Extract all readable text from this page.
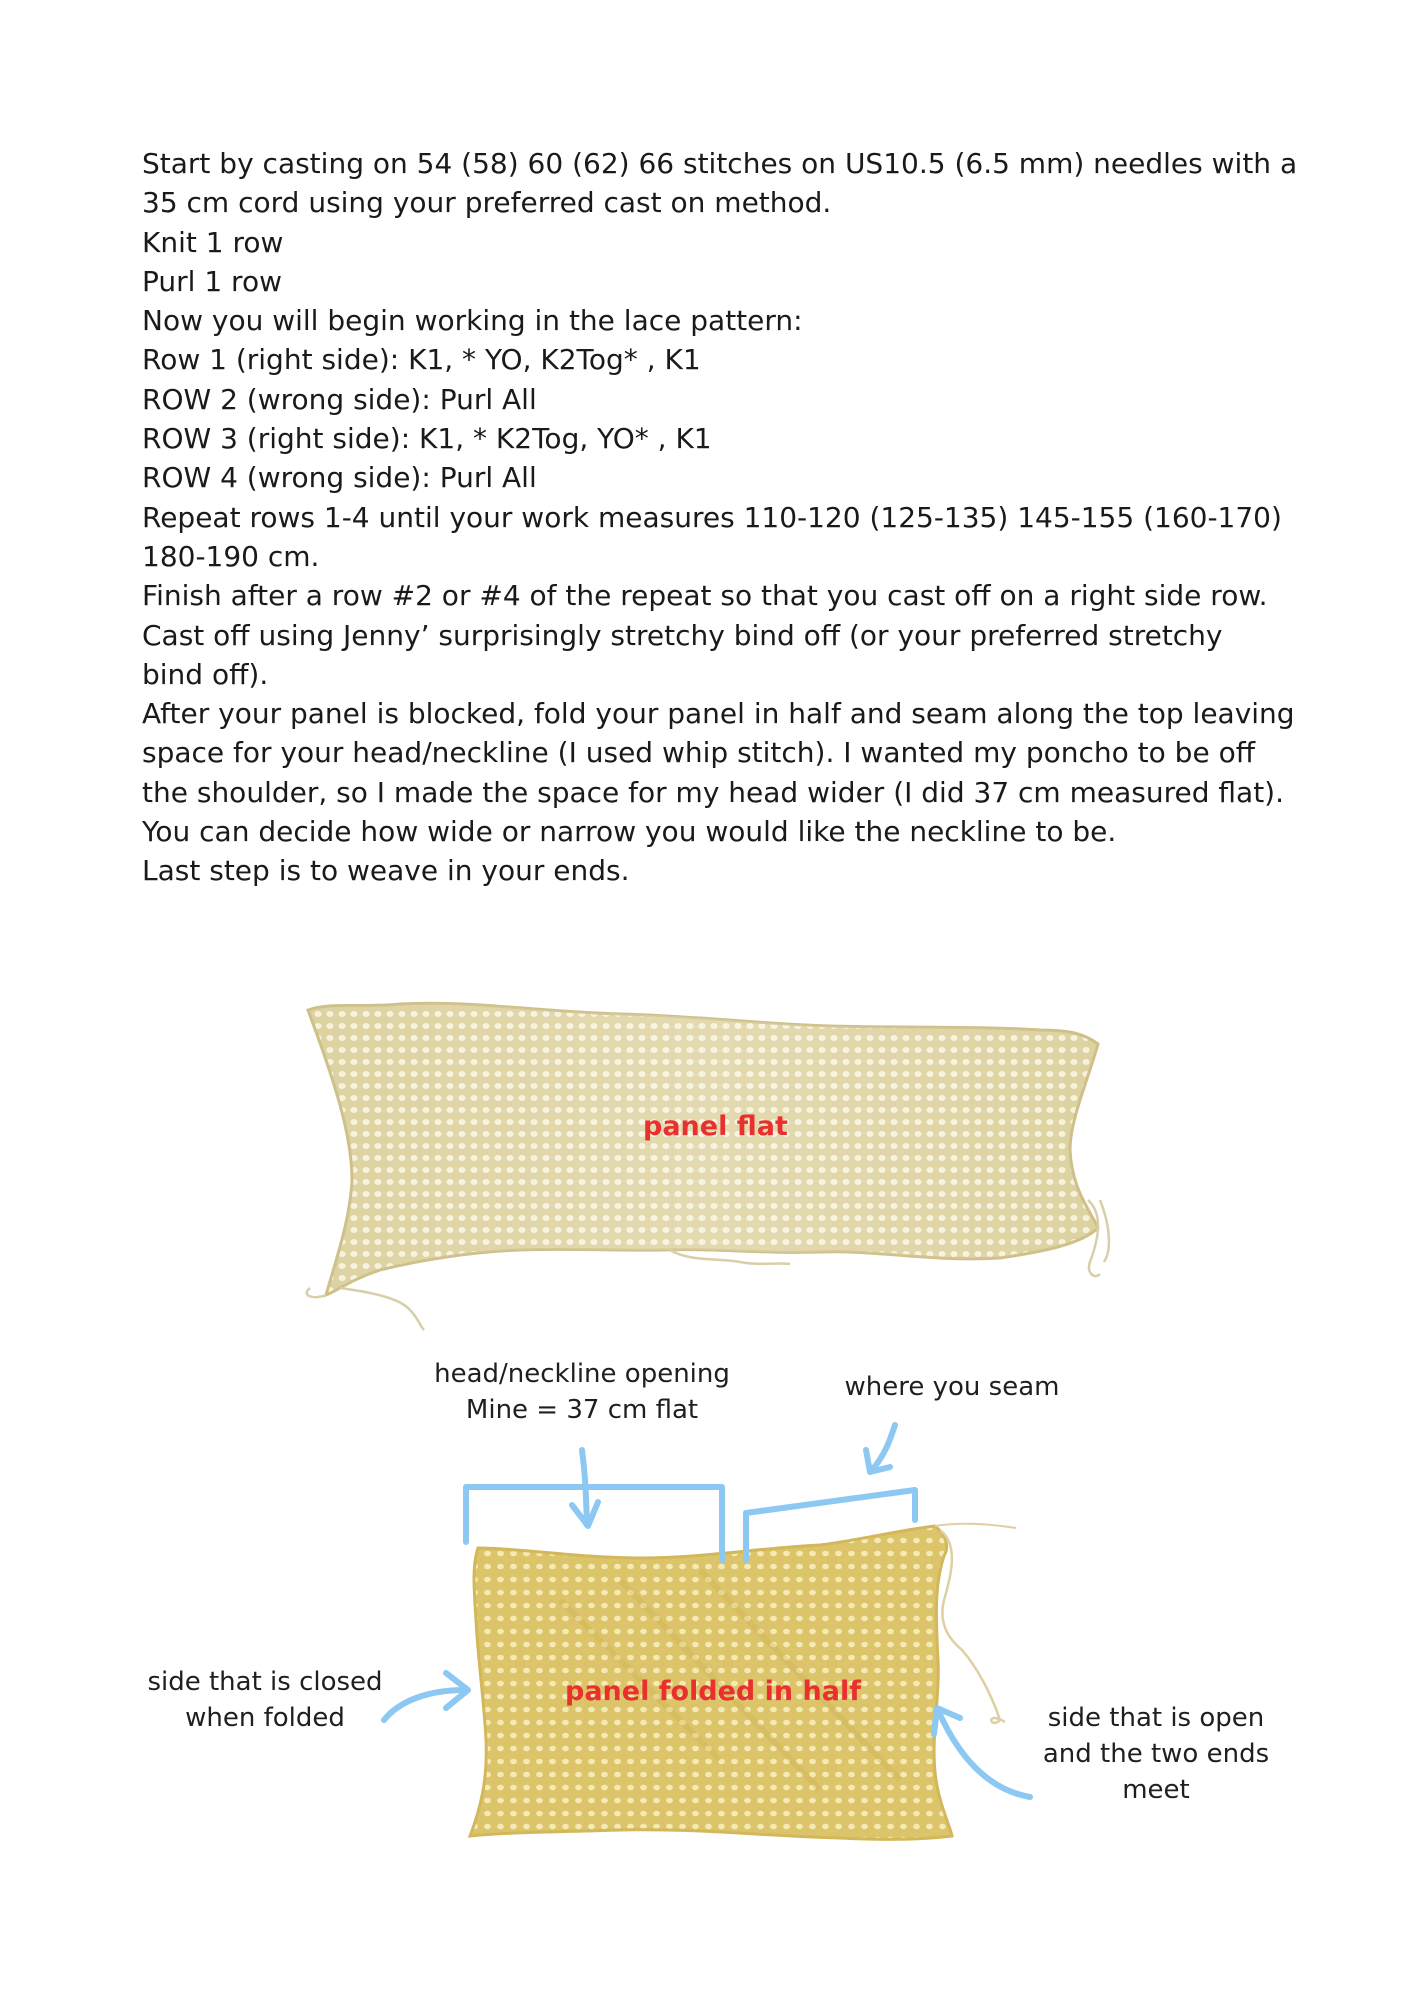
Start by casting on 54 (58) 60 (62) 66 stitches on US10.5 (6.5 mm) needles with a
35 cm cord using your preferred cast on method.
Knit 1 row
Purl 1 row
Now you will begin working in the lace pattern:
Row 1 (right side): K1, * YO, K2Tog* , K1
ROW 2 (wrong side): Purl All
ROW 3 (right side): K1, * K2Tog, YO* , K1
ROW 4 (wrong side): Purl All
Repeat rows 1-4 until your work measures 110-120 (125-135) 145-155 (160-170)
180-190 cm.
Finish after a row #2 or #4 of the repeat so that you cast off on a right side row.
Cast off using Jenny’ surprisingly stretchy bind off (or your preferred stretchy
bind off).
After your panel is blocked, fold your panel in half and seam along the top leaving
space for your head/neckline (I used whip stitch). I wanted my poncho to be off
the shoulder, so I made the space for my head wider (I did 37 cm measured flat).
You can decide how wide or narrow you would like the neckline to be.
Last step is to weave in your ends.
panel flat
panel folded in half
head/neckline opening
Mine = 37 cm flat
where you seam
side that is closed
when folded	side that is open
and the two ends
meet
